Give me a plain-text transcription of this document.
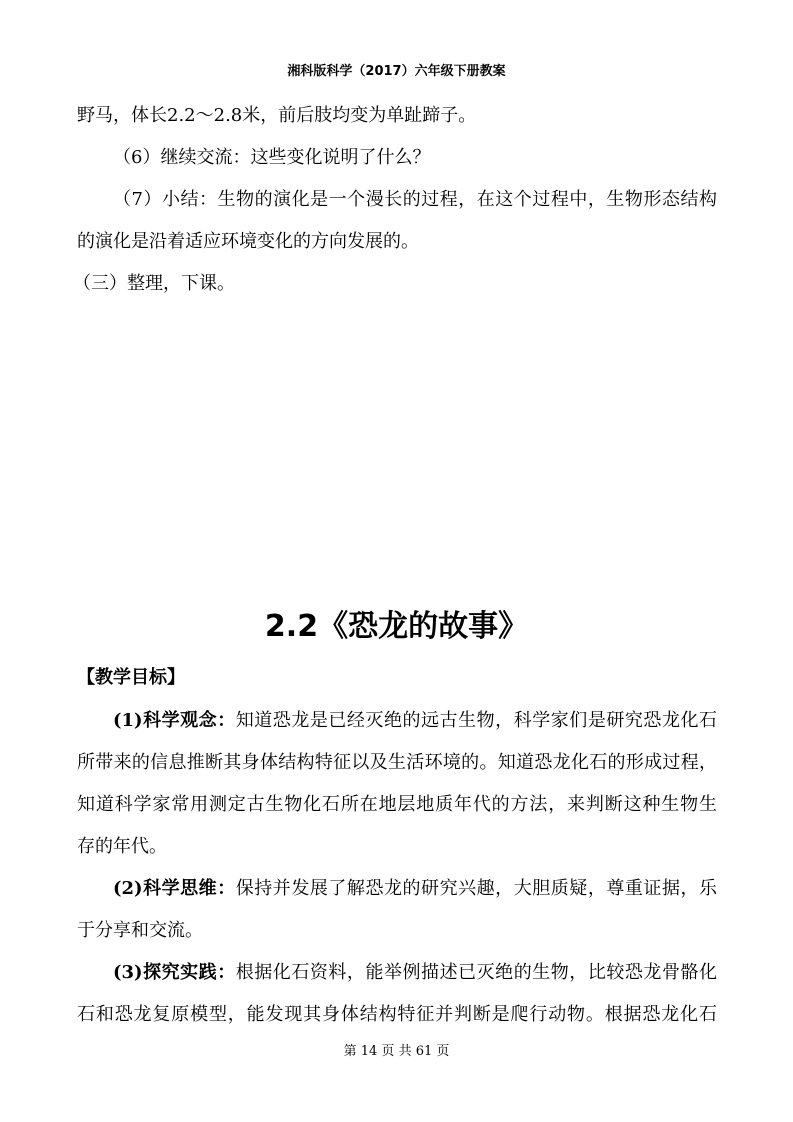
湘科版科学（2017）六年级下册教案
野马，体长2.2～2.8米，前后肢均变为单趾蹄子。
（6）继续交流：这些变化说明了什么？
（7）小结：生物的演化是一个漫长的过程，在这个过程中，生物形态结构
的演化是沿着适应环境变化的方向发展的。
（三）整理，下课。
2.2《恐龙的故事》
【教学目标】
(1)科学观念：知道恐龙是已经灭绝的远古生物，科学家们是研究恐龙化石
所带来的信息推断其身体结构特征以及生活环境的。知道恐龙化石的形成过程，
知道科学家常用测定古生物化石所在地层地质年代的方法，来判断这种生物生
存的年代。
(2)科学思维：保持并发展了解恐龙的研究兴趣，大胆质疑，尊重证据，乐
于分享和交流。
(3)探究实践：根据化石资料，能举例描述已灭绝的生物，比较恐龙骨骼化
石和恐龙复原模型，能发现其身体结构特征并判断是爬行动物。根据恐龙化石
第 14 页 共 61 页
